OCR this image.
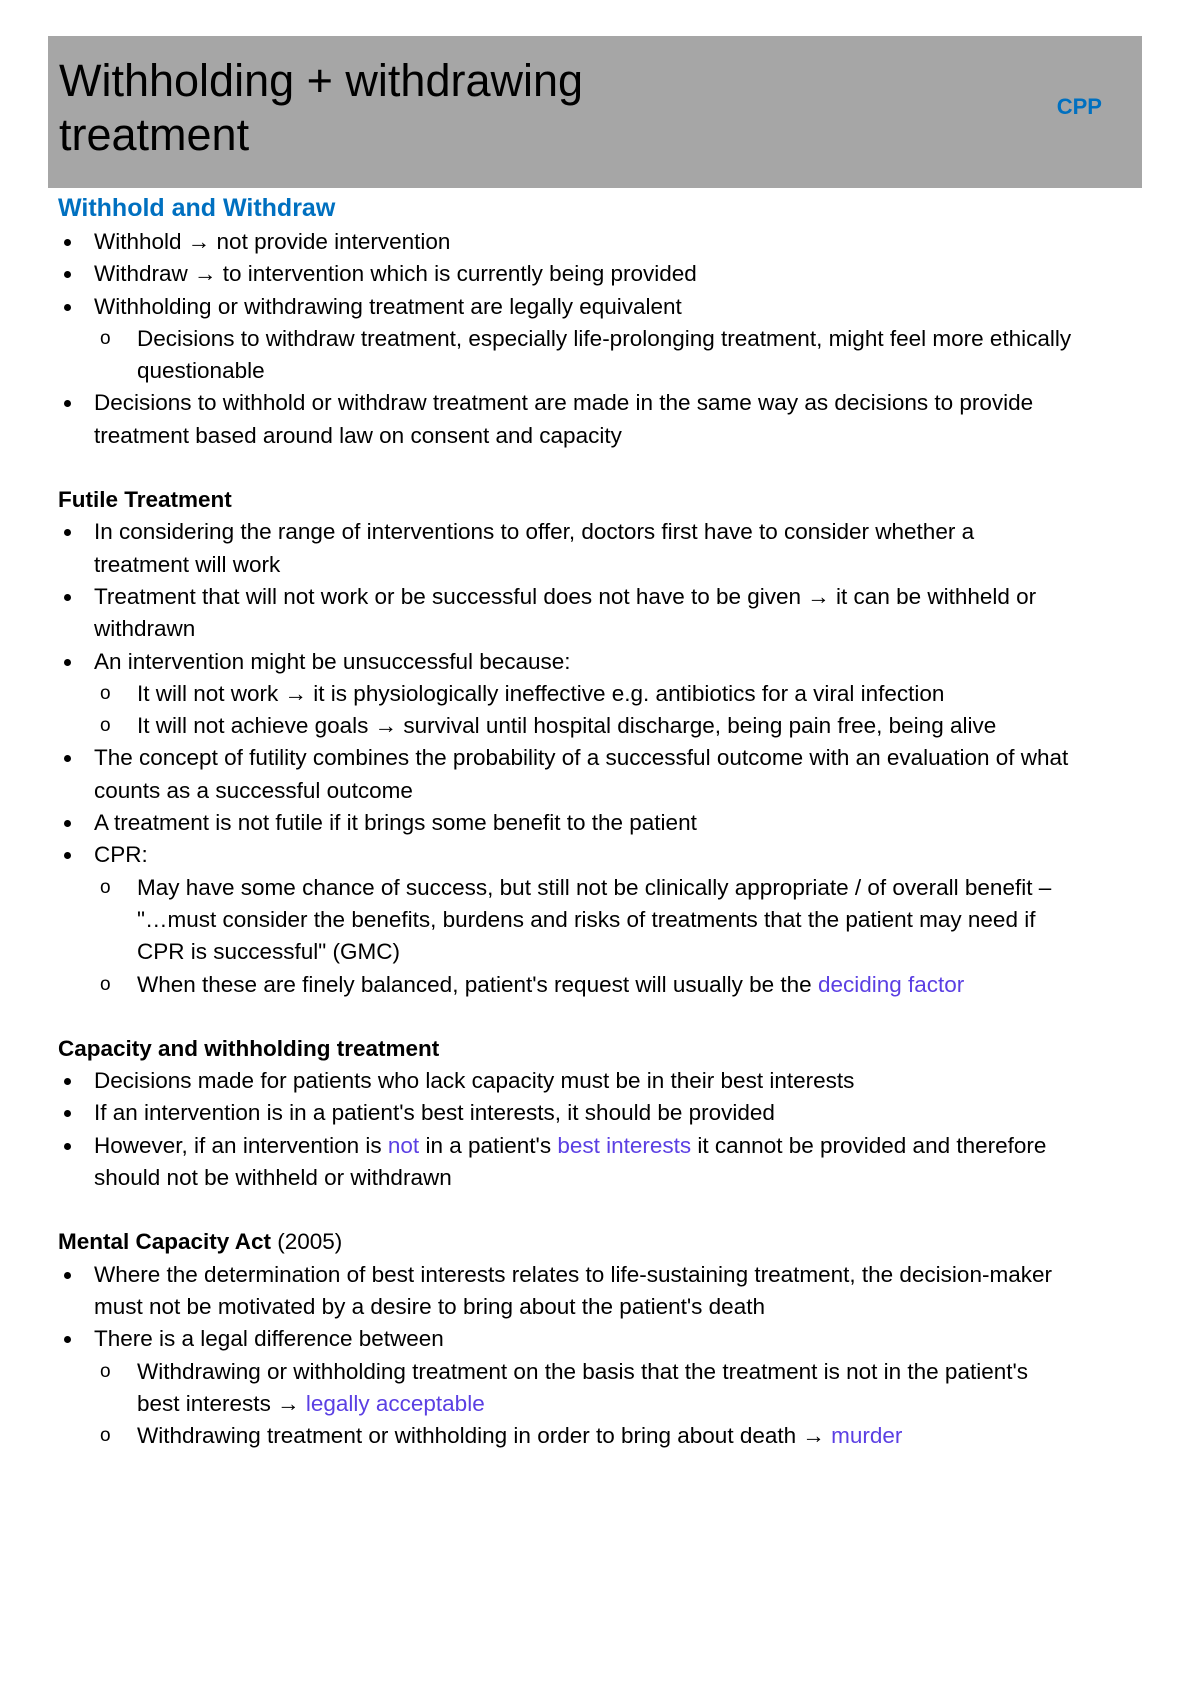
Withholding + withdrawing
treatment
CPP

Withhold and Withdraw

Withhold → not provide intervention

Withdraw → to intervention which is currently being provided

Withholding or withdrawing treatment are legally equivalent

o Decisions to withdraw treatment, especially life-prolonging treatment, might feel more ethically

questionable

Decisions to withhold or withdraw treatment are made in the same way as decisions to provide

treatment based around law on consent and capacity

Futile Treatment

In considering the range of interventions to offer, doctors first have to consider whether a

treatment will work

Treatment that will not work or be successful does not have to be given → it can be withheld or

withdrawn

An intervention might be unsuccessful because:

o It will not work → it is physiologically ineffective e.g. antibiotics for a viral infection

o It will not achieve goals → survival until hospital discharge, being pain free, being alive

The concept of futility combines the probability of a successful outcome with an evaluation of what

counts as a successful outcome

A treatment is not futile if it brings some benefit to the patient

CPR:

o May have some chance of success, but still not be clinically appropriate / of overall benefit –

"…must consider the benefits, burdens and risks of treatments that the patient may need if

CPR is successful" (GMC)

o When these are finely balanced, patient's request will usually be the deciding factor

Capacity and withholding treatment

Decisions made for patients who lack capacity must be in their best interests

If an intervention is in a patient's best interests, it should be provided

However, if an intervention is not in a patient's best interests it cannot be provided and therefore

should not be withheld or withdrawn

Mental Capacity Act (2005)

Where the determination of best interests relates to life-sustaining treatment, the decision-maker

must not be motivated by a desire to bring about the patient's death

There is a legal difference between

o Withdrawing or withholding treatment on the basis that the treatment is not in the patient's

best interests → legally acceptable

o Withdrawing treatment or withholding in order to bring about death → murder
